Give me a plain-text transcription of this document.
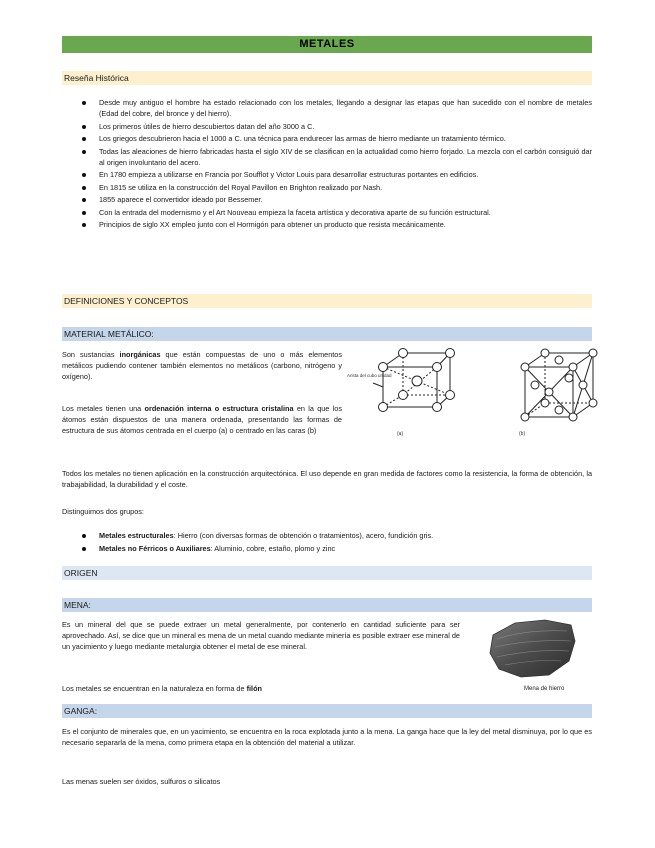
METALES
Reseña Histórica
Desde muy antiguo el hombre ha estado relacionado con los metales, llegando a designar las etapas que han sucedido con el nombre de metales (Edad del cobre, del bronce y del hierro).
Los primeros útiles de hierro descubiertos datan del año 3000 a C.
Los griegos descubrieron hacia el 1000 a C. una técnica para endurecer las armas de hierro mediante un tratamiento térmico.
Todas las aleaciones de hierro fabricadas hasta el siglo XIV de se clasifican en la actualidad como hierro forjado. La mezcla con el carbón consiguió dar al origen involuntario del acero.
En 1780 empieza a utilizarse en Francia por Soufflot y Victor Louis para desarrollar estructuras portantes en edificios.
En 1815 se utiliza en la construcción del Royal Pavillon en Brighton realizado por Nash.
1855 aparece el convertidor ideado por Bessemer.
Con la entrada del modernismo y el Art Nouveau empieza la faceta artística y decorativa aparte de su función estructural.
Principios de siglo XX empleo junto con el Hormigón para obtener un producto que resista mecánicamente.
DEFINICIONES Y CONCEPTOS
MATERIAL METÁLICO:
Son sustancias inorgánicas que están compuestas de uno o más elementos metálicos pudiendo contener también elementos no metálicos (carbono, nitrógeno y oxígeno).
Los metales tienen una ordenación interna o estructura cristalina en la que los átomos están dispuestos de una manera ordenada, presentando las formas de estructura de sus átomos centrada en el cuerpo (a) o centrado en las caras (b)
Arista del cubo unidad
(a)	(b)
Todos los metales no tienen aplicación en la construcción arquitectónica. El uso depende en gran medida de factores como la resistencia, la forma de obtención, la trabajabilidad, la durabilidad y el coste.
Distinguimos dos grupos:
Metales estructurales: Hierro (con diversas formas de obtención o tratamientos), acero, fundición gris.
Metales no Férricos o Auxiliares: Aluminio, cobre, estaño, plomo y zinc
ORIGEN
MENA:
Es un mineral del que se puede extraer un metal generalmente, por contenerlo en cantidad suficiente para ser aprovechado. Así, se dice que un mineral es mena de un metal cuando mediante minería es posible extraer ese mineral de un yacimiento y luego mediante metalurgia obtener el metal de ese mineral.
Los metales se encuentran en la naturaleza en forma de filón	Mena de hierro
GANGA:
Es el conjunto de minerales que, en un yacimiento, se encuentra en la roca explotada junto a la mena. La ganga hace que la ley del metal disminuya, por lo que es necesario separarla de la mena, como primera etapa en la obtención del material a utilizar.
Las menas suelen ser óxidos, sulfuros o silicatos
